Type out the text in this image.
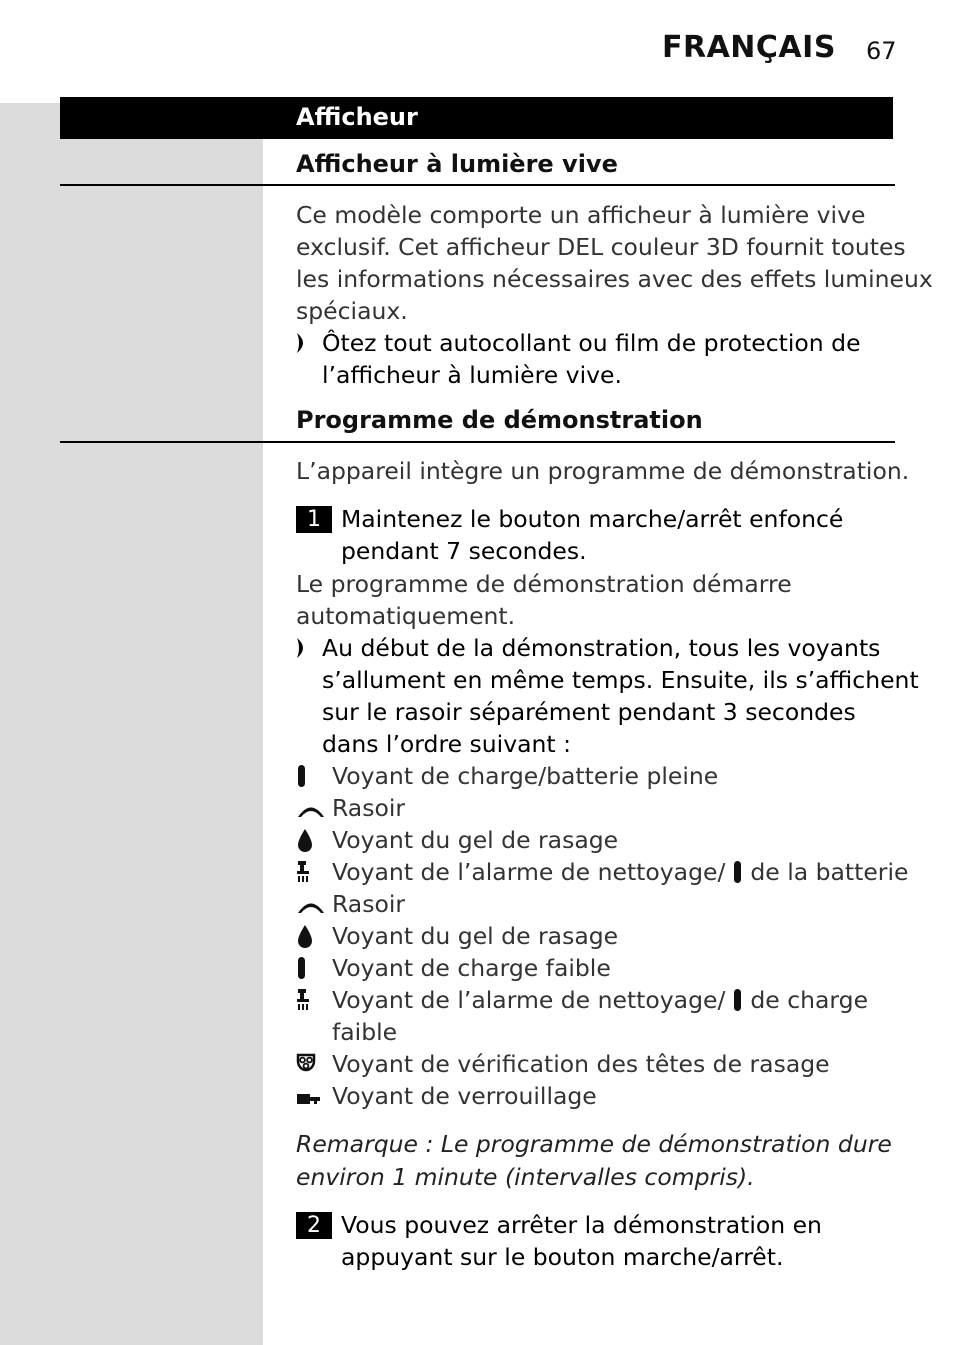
FRANÇAIS 67
Afficheur
Afficheur à lumière vive
Ce modèle comporte un afficheur à lumière vive
exclusif. Cet afficheur DEL couleur 3D fournit toutes
les informations nécessaires avec des effets lumineux
spéciaux.
Ôtez tout autocollant ou film de protection de
l’afficheur à lumière vive.
Programme de démonstration
L’appareil intègre un programme de démonstration.
1 Maintenez le bouton marche/arrêt enfoncé
pendant 7 secondes.
Le programme de démonstration démarre
automatiquement.
Au début de la démonstration, tous les voyants
s’allument en même temps. Ensuite, ils s’affichent
sur le rasoir séparément pendant 3 secondes
dans l’ordre suivant :
Voyant de charge/batterie pleine
Rasoir
Voyant du gel de rasage
Voyant de l’alarme de nettoyage/ de la batterie
Rasoir
Voyant du gel de rasage
Voyant de charge faible
Voyant de l’alarme de nettoyage/ de charge
faible
Voyant de vérification des têtes de rasage
Voyant de verrouillage
Remarque : Le programme de démonstration dure
environ 1 minute (intervalles compris).
2 Vous pouvez arrêter la démonstration en
appuyant sur le bouton marche/arrêt.
